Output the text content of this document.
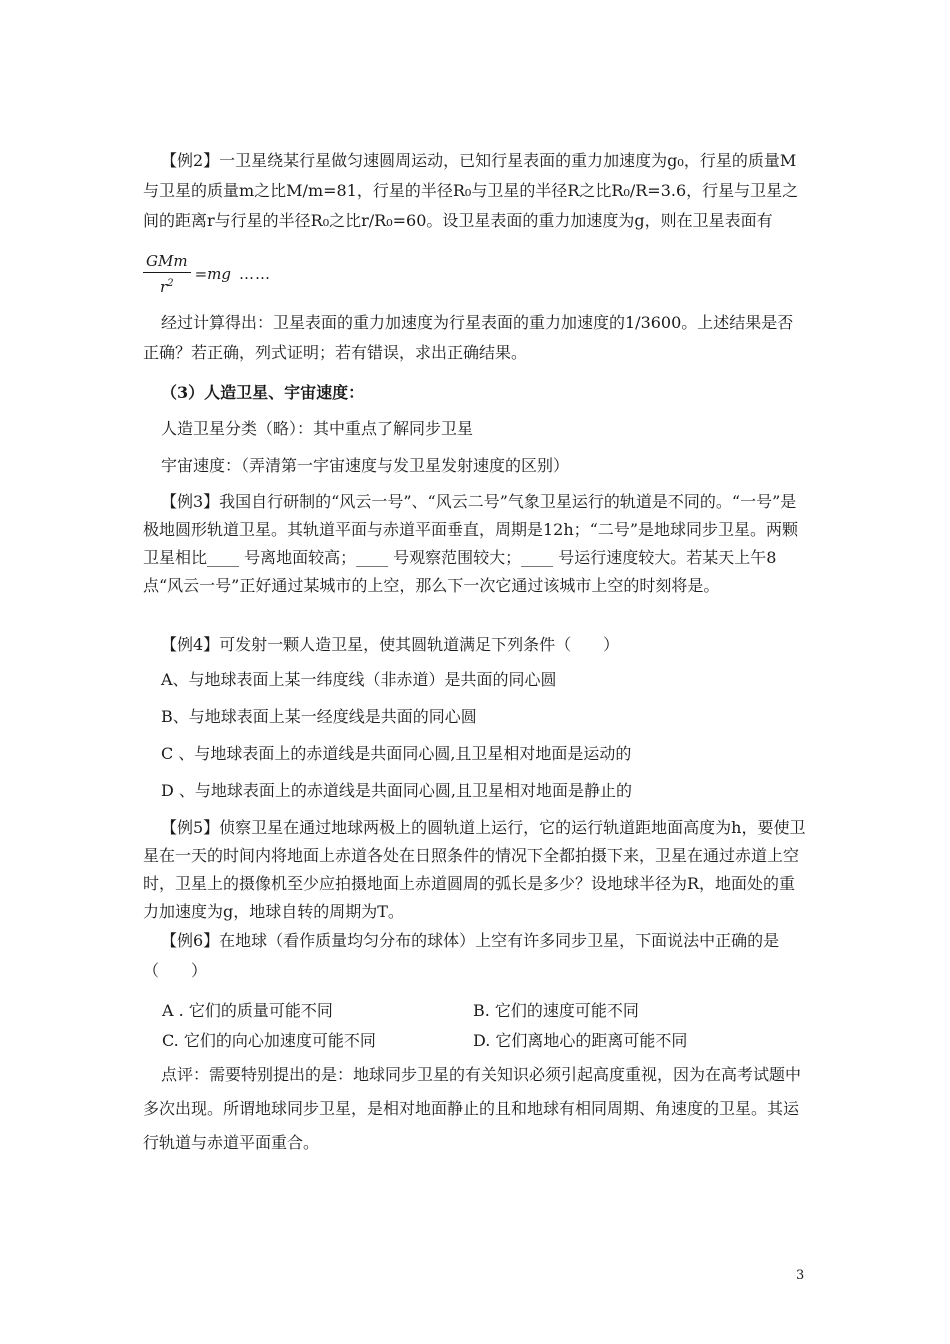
【例2】一卫星绕某行星做匀速圆周运动，已知行星表面的重力加速度为g₀，行星的质量M与卫星的质量m之比M/m=81，行星的半径R₀与卫星的半径R之比R₀/R=3.6，行星与卫星之间的距离r与行星的半径R₀之比r/R₀=60。设卫星表面的重力加速度为g，则在卫星表面有

$\frac{\text{GMm}}{r^2} =mg$ ……

经过计算得出：卫星表面的重力加速度为行星表面的重力加速度的1/3600。上述结果是否正确？若正确，列式证明；若有错误，求出正确结果。

（3）人造卫星、宇宙速度：

人造卫星分类（略）：其中重点了解同步卫星

宇宙速度：（弄清第一宇宙速度与发卫星发射速度的区别）

【例3】我国自行研制的“风云一号”、“风云二号”气象卫星运行的轨道是不同的。“一号”是极地圆形轨道卫星。其轨道平面与赤道平面垂直，周期是12h；“二号”是地球同步卫星。两颗卫星相比____ 号离地面较高；____ 号观察范围较大；____ 号运行速度较大。若某天上午8点“风云一号”正好通过某城市的上空，那么下一次它通过该城市上空的时刻将是。

【例4】可发射一颗人造卫星，使其圆轨道满足下列条件（　　）

A、与地球表面上某一纬度线（非赤道）是共面的同心圆

B、与地球表面上某一经度线是共面的同心圆

C 、与地球表面上的赤道线是共面同心圆,且卫星相对地面是运动的

D 、与地球表面上的赤道线是共面同心圆,且卫星相对地面是静止的

【例5】侦察卫星在通过地球两极上的圆轨道上运行，它的运行轨道距地面高度为h，要使卫星在一天的时间内将地面上赤道各处在日照条件的情况下全都拍摄下来，卫星在通过赤道上空时，卫星上的摄像机至少应拍摄地面上赤道圆周的弧长是多少？设地球半径为R，地面处的重力加速度为g，地球自转的周期为T。

【例6】在地球（看作质量均匀分布的球体）上空有许多同步卫星，下面说法中正确的是（　　）

A . 它们的质量可能不同	B. 它们的速度可能不同
C. 它们的向心加速度可能不同	D. 它们离地心的距离可能不同

点评：需要特别提出的是：地球同步卫星的有关知识必须引起高度重视，因为在高考试题中多次出现。所谓地球同步卫星，是相对地面静止的且和地球有相同周期、角速度的卫星。其运行轨道与赤道平面重合。

3
